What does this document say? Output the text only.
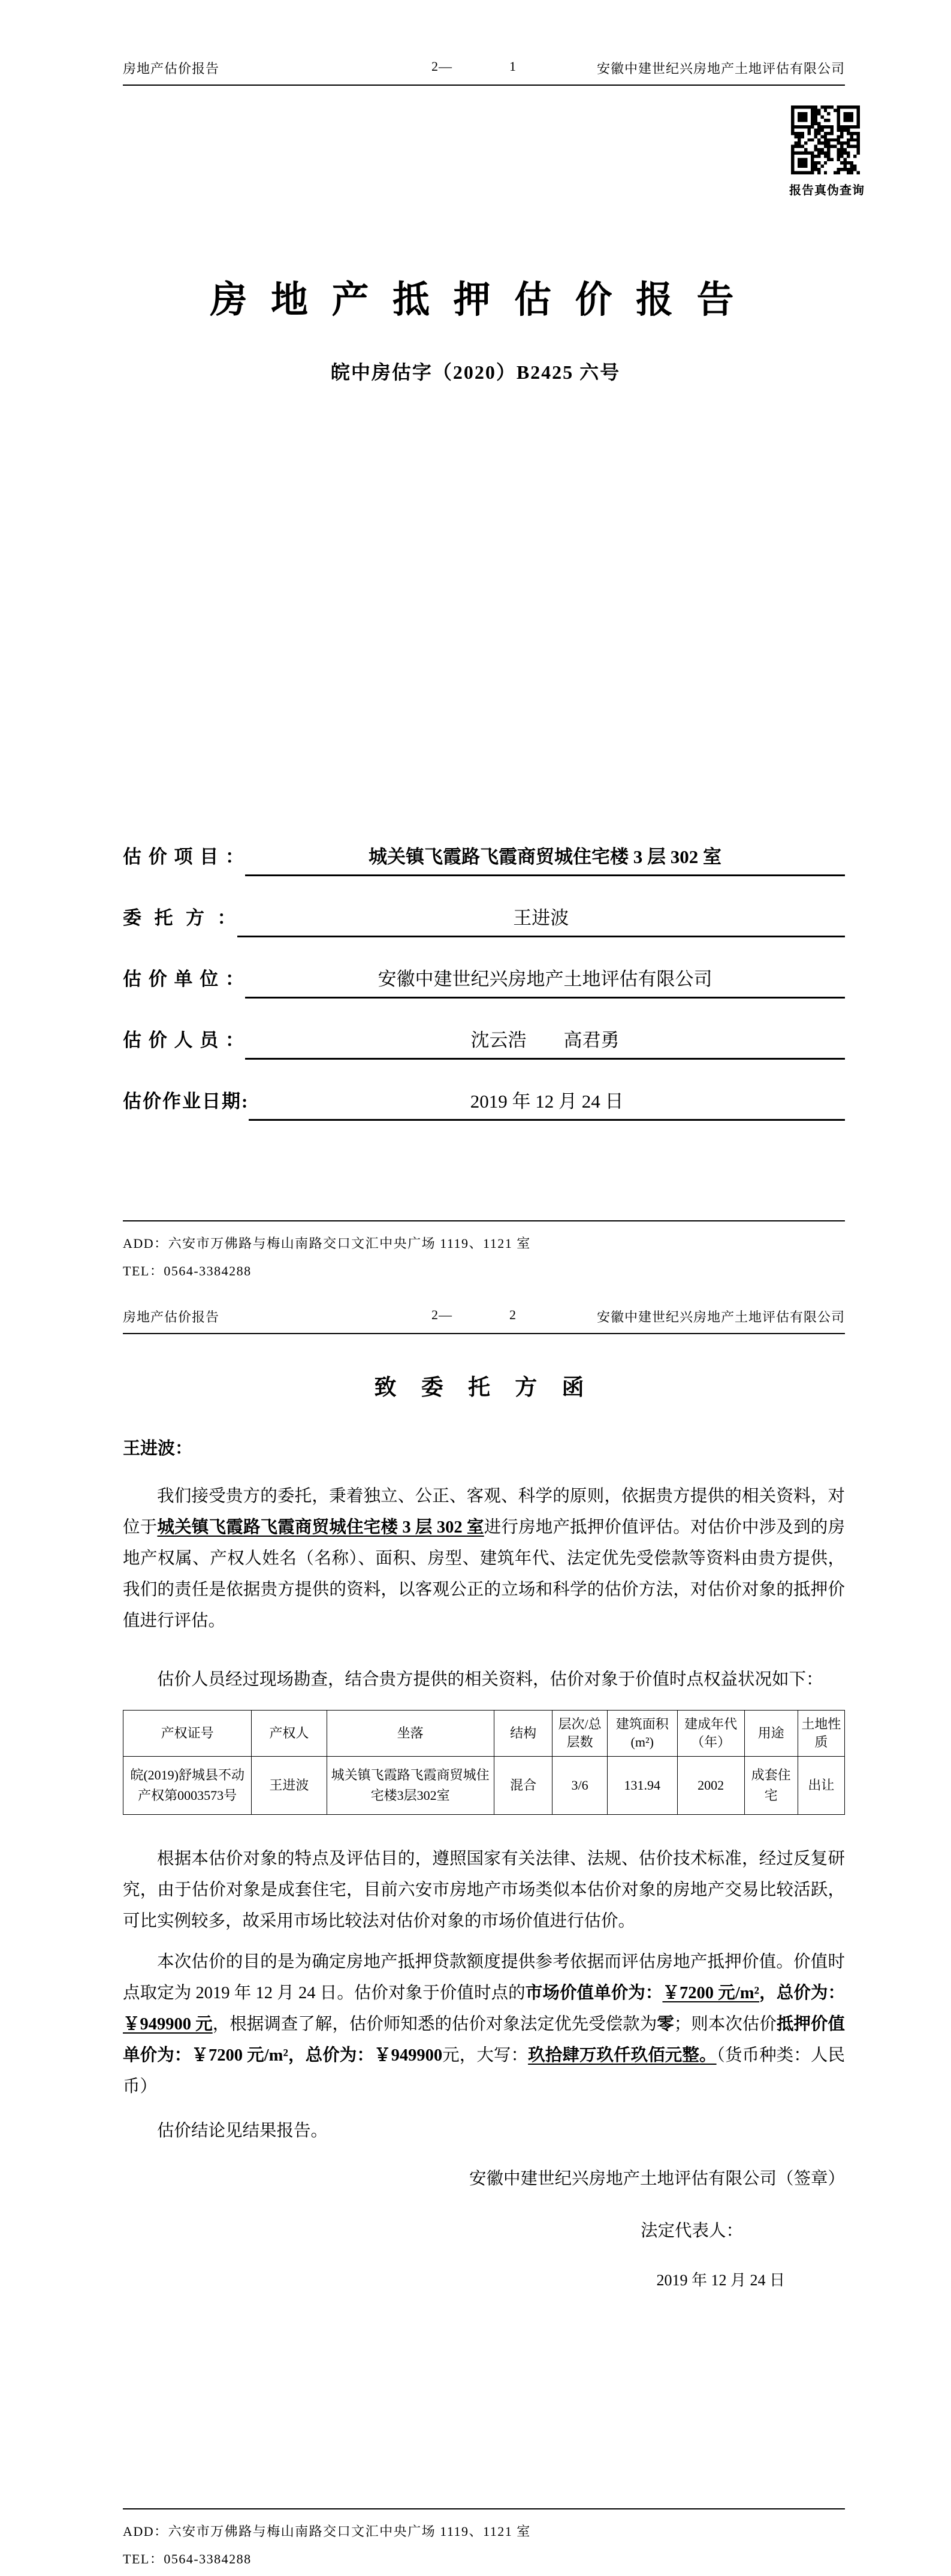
房地产估价报告	2—	1	安徽中建世纪兴房地产土地评估有限公司
报告真伪查询
房 地 产 抵 押 估 价 报 告
皖中房估字（2020）B2425 六号
估 价 项 目 ：	城关镇飞霞路飞霞商贸城住宅楼 3 层 302 室
委  托  方  ：	王进波
估 价 单 位 ：	安徽中建世纪兴房地产土地评估有限公司
估 价 人 员 ：	沈云浩　　高君勇
估价作业日期:	2019 年 12 月 24 日
ADD：六安市万佛路与梅山南路交口文汇中央广场 1119、1121 室
TEL：0564-3384288
房地产估价报告	2—	2	安徽中建世纪兴房地产土地评估有限公司
致 委 托 方 函
王进波：

我们接受贵方的委托，秉着独立、公正、客观、科学的原则，依据贵方提供的相关资料，对位于城关镇飞霞路飞霞商贸城住宅楼 3 层 302 室进行房地产抵押价值评估。对估价中涉及到的房地产权属、产权人姓名（名称）、面积、房型、建筑年代、法定优先受偿款等资料由贵方提供，我们的责任是依据贵方提供的资料，以客观公正的立场和科学的估价方法，对估价对象的抵押价值进行评估。

估价人员经过现场勘查，结合贵方提供的相关资料，估价对象于价值时点权益状况如下：

产权证号	产权人	坐落	结构	层次/总层数	建筑面积(m²)	建成年代（年）	用途	土地性质
皖(2019)舒城县不动产权第0003573号	王进波	城关镇飞霞路飞霞商贸城住宅楼3层302室	混合	3/6	131.94	2002	成套住宅	出让

根据本估价对象的特点及评估目的，遵照国家有关法律、法规、估价技术标准，经过反复研究，由于估价对象是成套住宅，目前六安市房地产市场类似本估价对象的房地产交易比较活跃，可比实例较多，故采用市场比较法对估价对象的市场价值进行估价。

本次估价的目的是为确定房地产抵押贷款额度提供参考依据而评估房地产抵押价值。价值时点取定为 2019 年 12 月 24 日。估价对象于价值时点的市场价值单价为：￥7200 元/m²，总价为：￥949900 元，根据调查了解，估价师知悉的估价对象法定优先受偿款为零；则本次估价抵押价值单价为：￥7200 元/m²，总价为：￥949900元，大写：玖拾肆万玖仟玖佰元整。（货币种类：人民币）

估价结论见结果报告。

安徽中建世纪兴房地产土地评估有限公司（签章）
法定代表人：
2019 年 12 月 24 日
ADD：六安市万佛路与梅山南路交口文汇中央广场 1119、1121 室
TEL：0564-3384288
